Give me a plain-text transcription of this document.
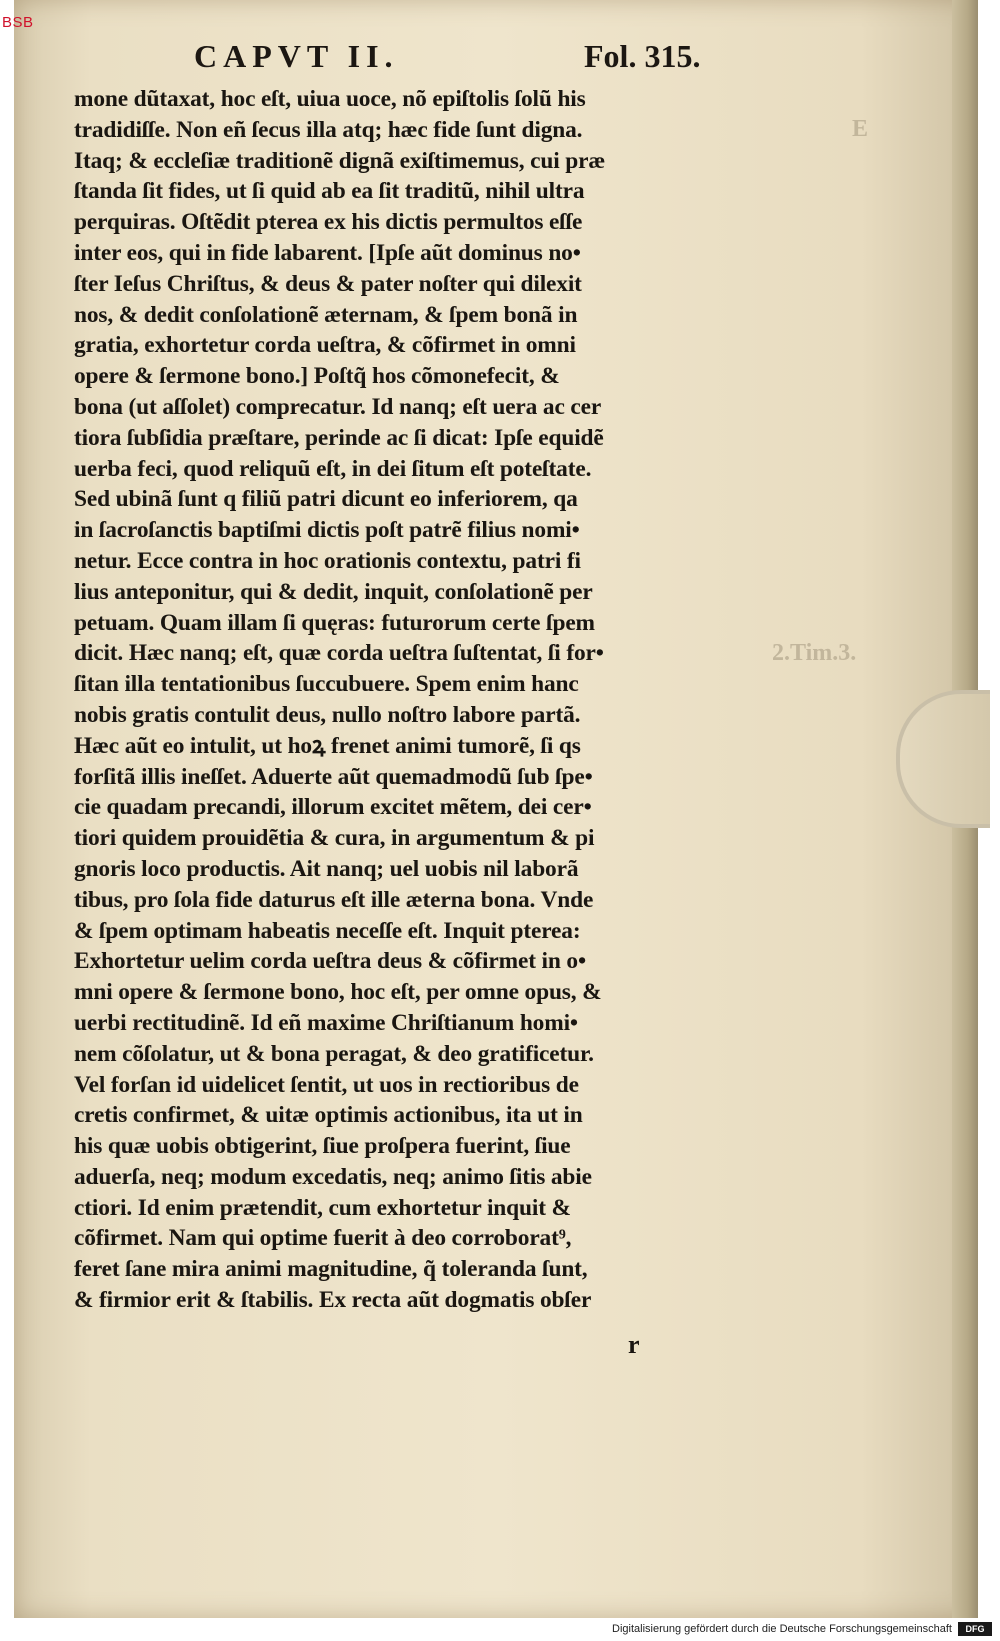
E
2.Tim.3.
CAPVT II.	Fol. 315.
mone dũtaxat, hoc eſt, uiua uoce, nõ epiſtolis ſolũ his
tradidiſſe. Non eñ ſecus illa atq; hæc fide ſunt digna.
Itaq; & eccleſiæ traditionẽ dignã exiſtimemus, cui præ
ſtanda ſit fides, ut ſi quid ab ea ſit traditũ, nihil ultra
perquiras. Oſtẽdit pterea ex his dictis permultos eſſe
inter eos, qui in fide labarent. [Ipſe aũt dominus no•
ſter Ieſus Chriſtus, & deus & pater noſter qui dilexit
nos, & dedit conſolationẽ æternam, & ſpem bonã in
gratia, exhortetur corda ueſtra, & cõfirmet in omni
opere & ſermone bono.] Poſtq̃ hos cõmonefecit, &
bona (ut aſſolet) comprecatur. Id nanq; eſt uera ac cer
tiora ſubſidia præſtare, perinde ac ſi dicat: Ipſe equidẽ
uerba feci, quod reliquũ eſt, in dei ſitum eſt poteſtate.
Sed ubinã ſunt q filiũ patri dicunt eo inferiorem, qa
in ſacroſanctis baptiſmi dictis poſt patrẽ filius nomi•
netur. Ecce contra in hoc orationis contextu, patri fi
lius anteponitur, qui & dedit, inquit, conſolationẽ per
petuam. Quam illam ſi quęras: futurorum certe ſpem
dicit. Hæc nanq; eſt, quæ corda ueſtra ſuſtentat, ſi for•
ſitan illa tentationibus ſuccubuere. Spem enim hanc
nobis gratis contulit deus, nullo noſtro labore partã.
Hæc aũt eo intulit, ut hoꝝ frenet animi tumorẽ, ſi qs
forſitã illis ineſſet. Aduerte aũt quemadmodũ ſub ſpe•
cie quadam precandi, illorum excitet mẽtem, dei cer•
tiori quidem prouidẽtia & cura, in argumentum & pi
gnoris loco productis. Ait nanq; uel uobis nil laborã
tibus, pro ſola fide daturus eſt ille æterna bona. Vnde
& ſpem optimam habeatis neceſſe eſt. Inquit pterea:
Exhortetur uelim corda ueſtra deus & cõfirmet in o•
mni opere & ſermone bono, hoc eſt, per omne opus, &
uerbi rectitudinẽ. Id eñ maxime Chriſtianum homi•
nem cõſolatur, ut & bona peragat, & deo gratificetur.
Vel forſan id uidelicet ſentit, ut uos in rectioribus de
cretis confirmet, & uitæ optimis actionibus, ita ut in
his quæ uobis obtigerint, ſiue proſpera fuerint, ſiue
aduerſa, neq; modum excedatis, neq; animo ſitis abie
ctiori. Id enim prætendit, cum exhortetur inquit &
cõfirmet. Nam qui optime fuerit à deo corroborat⁹,
feret ſane mira animi magnitudine, q̃ toleranda ſunt,
& firmior erit & ſtabilis. Ex recta aũt dogmatis obſer
r
BSB
Digitalisierung gefördert durch die Deutsche Forschungsgemeinschaft	DFG
